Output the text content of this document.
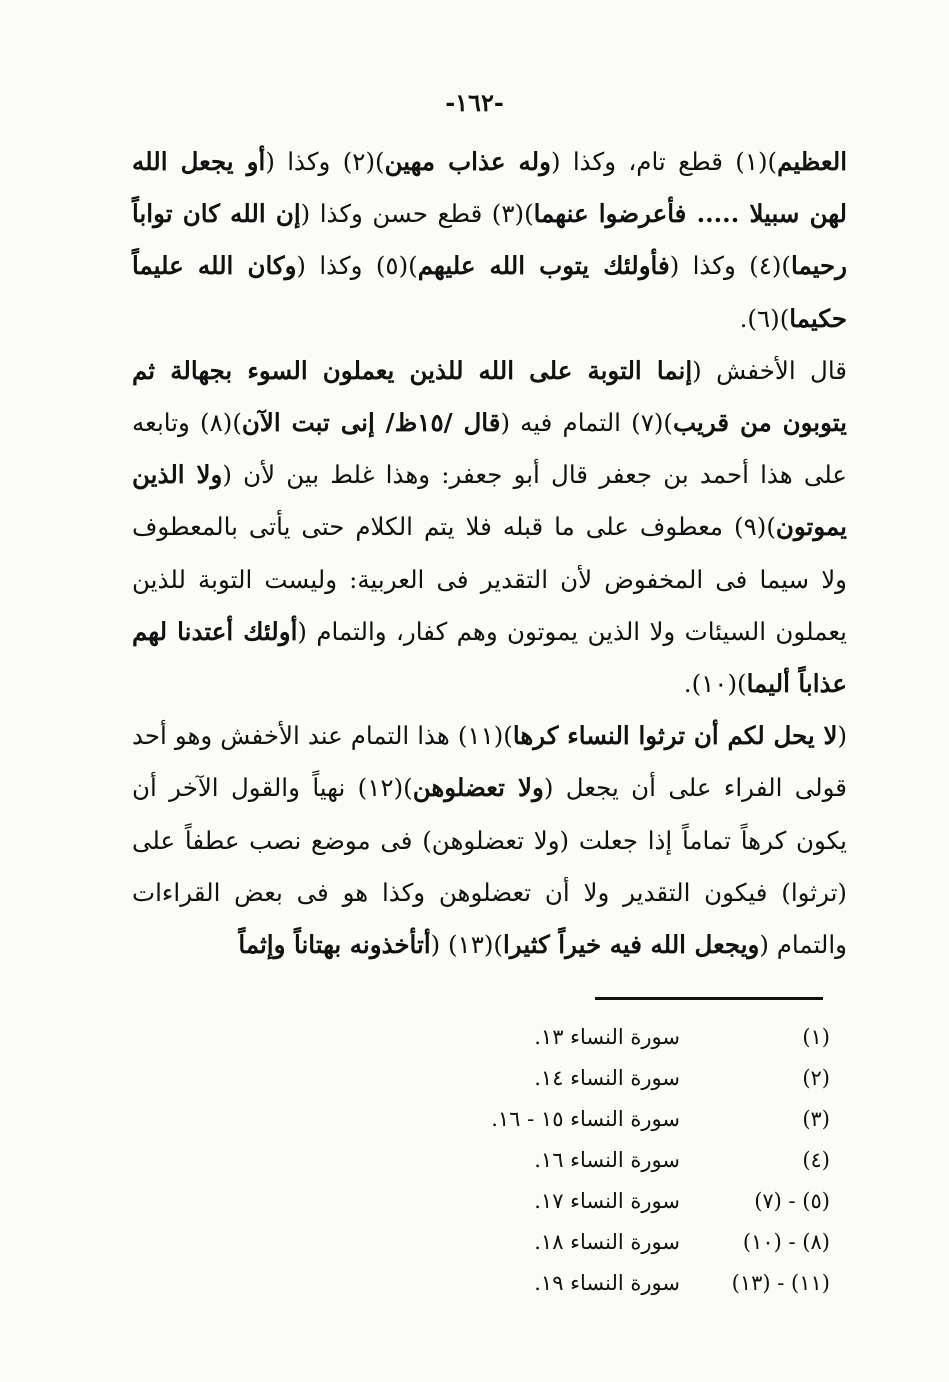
-١٦٢-

العظيم)(١) قطع تام، وكذا (وله عذاب مهين)(٢) وكذا (أو يجعل الله لهن سبيلا ..... فأعرضوا عنهما)(٣) قطع حسن وكذا (إن الله كان تواباً رحيما)(٤) وكذا (فأولئك يتوب الله عليهم)(٥) وكذا (وكان الله عليماً حكيما)(٦).

قال الأخفش (إنما التوبة على الله للذين يعملون السوء بجهالة ثم يتوبون من قريب)(٧) التمام فيه (قال /١٥ظ/ إنى تبت الآن)(٨) وتابعه على هذا أحمد بن جعفر قال أبو جعفر: وهذا غلط بين لأن (ولا الذين يموتون)(٩) معطوف على ما قبله فلا يتم الكلام حتى يأتى بالمعطوف ولا سيما فى المخفوض لأن التقدير فى العربية: وليست التوبة للذين يعملون السيئات ولا الذين يموتون وهم كفار، والتمام (أولئك أعتدنا لهم عذاباً أليما)(١٠).

(لا يحل لكم أن ترثوا النساء كرها)(١١) هذا التمام عند الأخفش وهو أحد قولى الفراء على أن يجعل (ولا تعضلوهن)(١٢) نهياً والقول الآخر أن يكون كرهاً تماماً إذا جعلت (ولا تعضلوهن) فى موضع نصب عطفاً على (ترثوا) فيكون التقدير ولا أن تعضلوهن وكذا هو فى بعض القراءات والتمام (ويجعل الله فيه خيراً كثيرا)(١٣) (أتأخذونه بهتاناً وإثماً

(١)
سورة النساء ١٣.
(٢)
سورة النساء ١٤.
(٣)
سورة النساء ١٥ - ١٦.
(٤)
سورة النساء ١٦.
(٥) - (٧)
سورة النساء ١٧.
(٨) - (١٠)
سورة النساء ١٨.
(١١) - (١٣)
سورة النساء ١٩.
